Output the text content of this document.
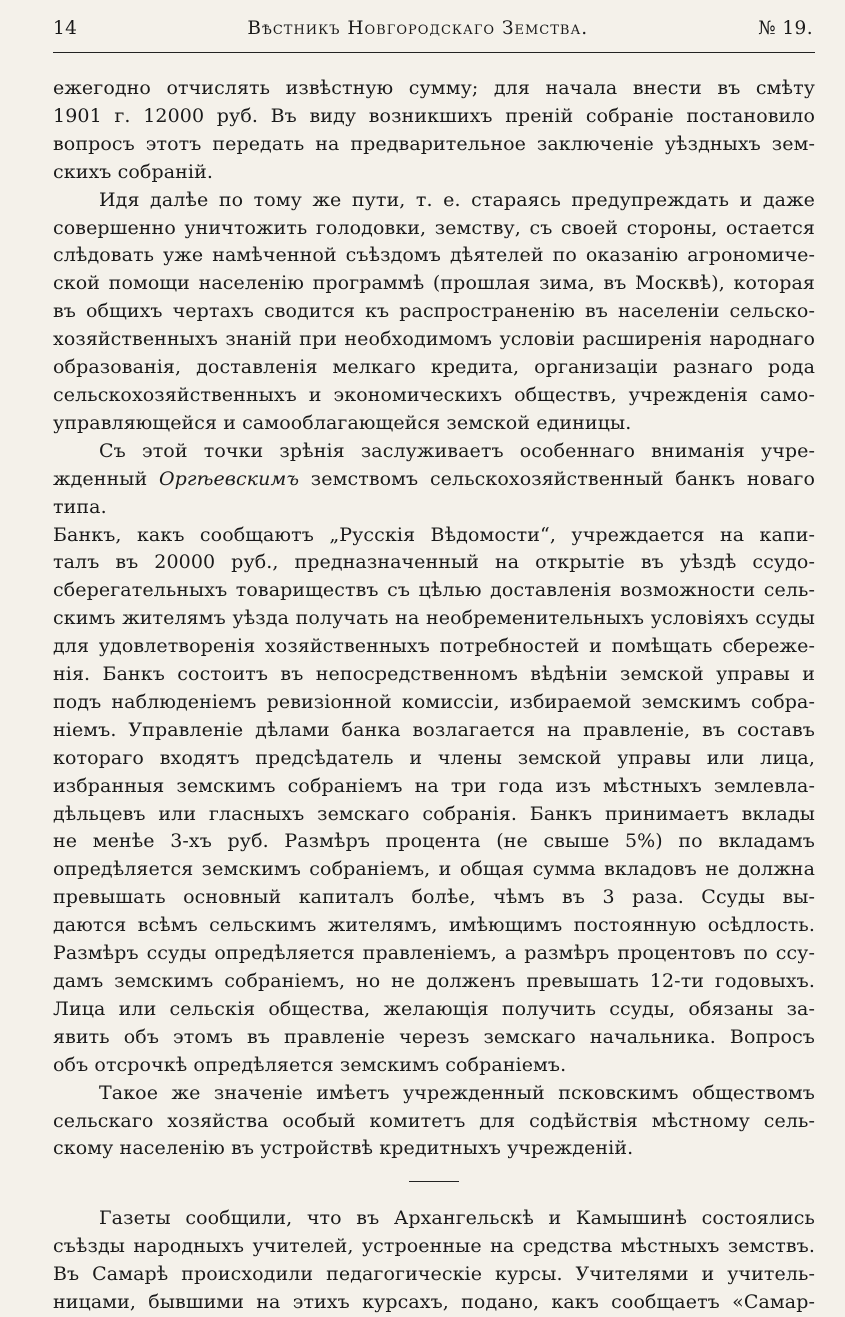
14	Вѣстникъ Новгородскаго Земства.	№ 19.

ежегодно отчислять извѣстную сумму; для начала внести въ смѣту

1901 г. 12000 руб. Въ виду возникшихъ преній собраніе постановило

вопросъ этотъ передать на предварительное заключеніе уѣздныхъ зем-

скихъ собраній.

Идя далѣе по тому же пути, т. е. стараясь предупреждать и даже

совершенно уничтожить голодовки, земству, съ своей стороны, остается

слѣдовать уже намѣченной съѣздомъ дѣятелей по оказанію агрономиче-

ской помощи населенію программѣ (прошлая зима, въ Москвѣ), которая

въ общихъ чертахъ сводится къ распространенію въ населеніи сельско-

хозяйственныхъ знаній при необходимомъ условіи расширенія народнаго

образованія, доставленія мелкаго кредита, организаціи разнаго рода

сельскохозяйственныхъ и экономическихъ обществъ, учрежденія само-

управляющейся и самооблагающейся земской единицы.

Съ этой точки зрѣнія заслуживаетъ особеннаго вниманія учре-

жденный Оргѣевскимъ земствомъ сельскохозяйственный банкъ новаго типа.

Банкъ, какъ сообщаютъ „Русскія Вѣдомости“, учреждается на капи-

талъ въ 20000 руб., предназначенный на открытіе въ уѣздѣ ссудо-

сберегательныхъ товариществъ съ цѣлью доставленія возможности сель-

скимъ жителямъ уѣзда получать на необременительныхъ условіяхъ ссуды

для удовлетворенія хозяйственныхъ потребностей и помѣщать сбереже-

нія. Банкъ состоитъ въ непосредственномъ вѣдѣніи земской управы и

подъ наблюденіемъ ревизіонной комиссіи, избираемой земскимъ собра-

ніемъ. Управленіе дѣлами банка возлагается на правленіе, въ составъ

котораго входятъ предсѣдатель и члены земской управы или лица,

избранныя земскимъ собраніемъ на три года изъ мѣстныхъ землевла-

дѣльцевъ или гласныхъ земскаго собранія. Банкъ принимаетъ вклады

не менѣе 3-хъ руб. Размѣръ процента (не свыше 5%) по вкладамъ

опредѣляется земскимъ собраніемъ, и общая сумма вкладовъ не должна

превышать основный капиталъ болѣе, чѣмъ въ 3 раза. Ссуды вы-

даются всѣмъ сельскимъ жителямъ, имѣющимъ постоянную осѣдлость.

Размѣръ ссуды опредѣляется правленіемъ, а размѣръ процентовъ по ссу-

дамъ земскимъ собраніемъ, но не долженъ превышать 12-ти годовыхъ.

Лица или сельскія общества, желающія получить ссуды, обязаны за-

явить объ этомъ въ правленіе черезъ земскаго начальника. Вопросъ

объ отсрочкѣ опредѣляется земскимъ собраніемъ.

Такое же значеніе имѣетъ учрежденный псковскимъ обществомъ

сельскаго хозяйства особый комитетъ для содѣйствія мѣстному сель-

скому населенію въ устройствѣ кредитныхъ учрежденій.

Газеты сообщили, что въ Архангельскѣ и Камышинѣ состоялись

съѣзды народныхъ учителей, устроенные на средства мѣстныхъ земствъ.

Въ Самарѣ происходили педагогическіе курсы. Учителями и учитель-

ницами, бывшими на этихъ курсахъ, подано, какъ сообщаетъ «Самар-
